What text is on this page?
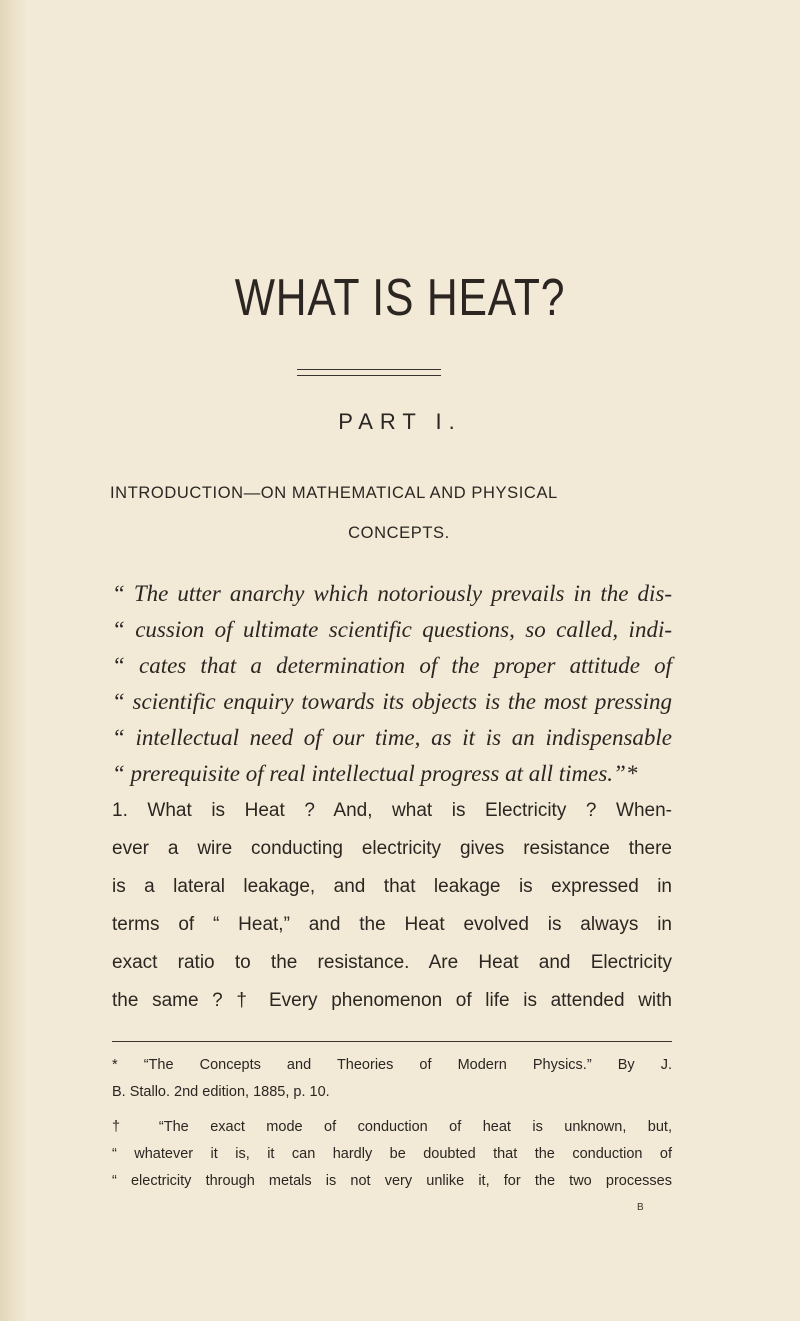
WHAT IS HEAT?
PART I.
INTRODUCTION—ON MATHEMATICAL AND PHYSICAL
CONCEPTS.
“ The utter anarchy which notoriously prevails in the dis-
“ cussion of ultimate scientific questions, so called, indi-
“ cates that a determination of the proper attitude of
“ scientific enquiry towards its objects is the most pressing
“ intellectual need of our time, as it is an indispensable
“ prerequisite of real intellectual progress at all times.”*
1. What is Heat ? And, what is Electricity ? When-
ever a wire conducting electricity gives resistance there
is a lateral leakage, and that leakage is expressed in
terms of “ Heat,” and the Heat evolved is always in
exact ratio to the resistance. Are Heat and Electricity
the same ? † Every phenomenon of life is attended with
* “The Concepts and Theories of Modern Physics.” By J.
B. Stallo. 2nd edition, 1885, p. 10.
† “The exact mode of conduction of heat is unknown, but,
“ whatever it is, it can hardly be doubted that the conduction of
“ electricity through metals is not very unlike it, for the two processes
B
